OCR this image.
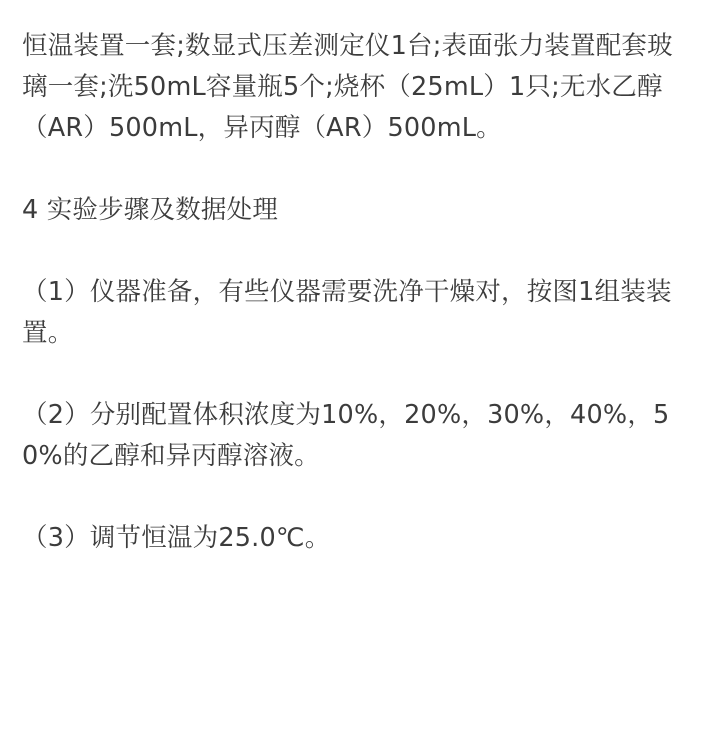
恒温装置一套;数显式压差测定仪1台;表面张力装置配套玻璃一套;洗50mL容量瓶5个;烧杯（25mL）1只;无水乙醇（AR）500mL，异丙醇（AR）500mL。
4 实验步骤及数据处理
（1）仪器准备，有些仪器需要洗净干燥对，按图1组装装置。
（2）分别配置体积浓度为10%，20%，30%，40%，50%的乙醇和异丙醇溶液。
（3）调节恒温为25.0℃。
